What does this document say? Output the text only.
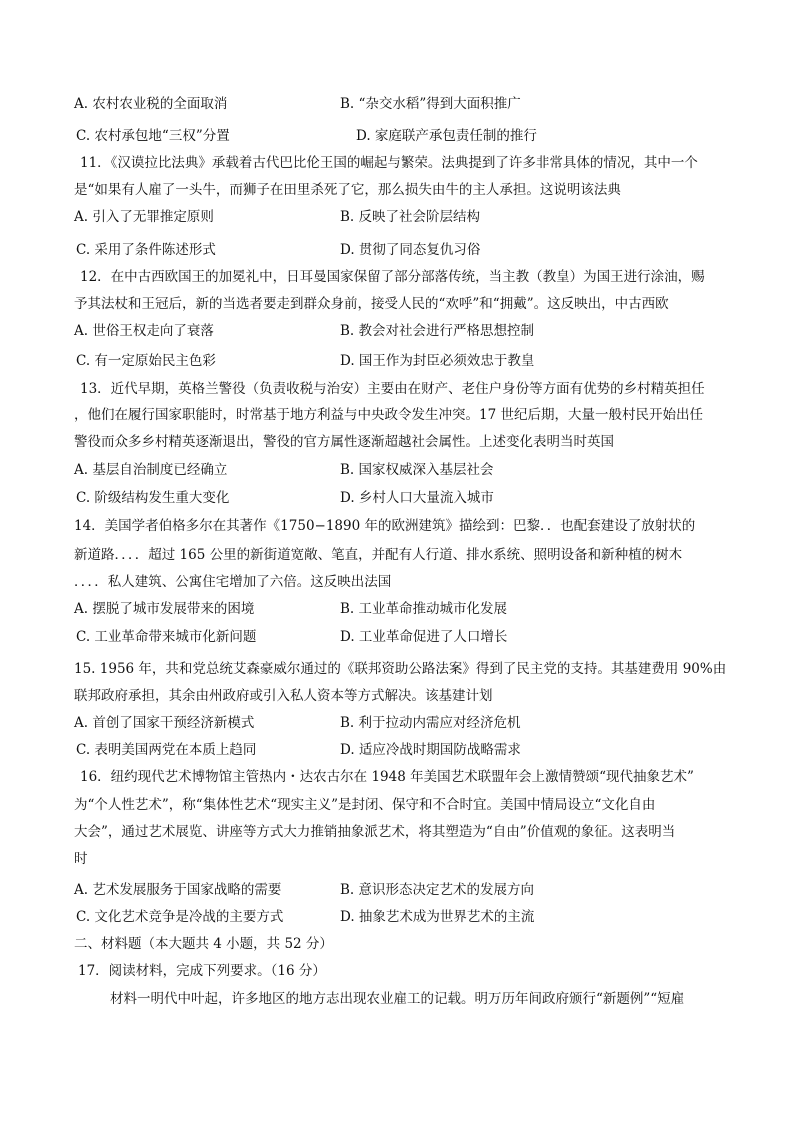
A. 农村农业税的全面取消	B. “杂交水稻”得到大面积推广
C. 农村承包地“三权”分置	D. 家庭联产承包责任制的推行
11．《汉谟拉比法典》承载着古代巴比伦王国的崛起与繁荣。法典提到了许多非常具体的情况，其中一个
是“如果有人雇了一头牛，而狮子在田里杀死了它，那么损失由牛的主人承担。这说明该法典
A. 引入了无罪推定原则	B. 反映了社会阶层结构
C. 采用了条件陈述形式	D. 贯彻了同态复仇习俗
12．在中古西欧国王的加冕礼中，日耳曼国家保留了部分部落传统，当主教（教皇）为国王进行涂油，赐
予其法杖和王冠后，新的当选者要走到群众身前，接受人民的“欢呼”和“拥戴”。这反映出，中古西欧
A. 世俗王权走向了衰落	B. 教会对社会进行严格思想控制
C. 有一定原始民主色彩	D. 国王作为封臣必须效忠于教皇
13．近代早期，英格兰警役（负责收税与治安）主要由在财产、老住户身份等方面有优势的乡村精英担任
，他们在履行国家职能时，时常基于地方利益与中央政令发生冲突。17 世纪后期，大量一般村民开始出任
警役而众多乡村精英逐渐退出，警役的官方属性逐渐超越社会属性。上述变化表明当时英国
A. 基层自治制度已经确立	B. 国家权威深入基层社会
C. 阶级结构发生重大变化	D. 乡村人口大量流入城市
14．美国学者伯格多尔在其著作《1750−1890 年的欧洲建筑》描绘到：巴黎．．也配套建设了放射状的
新道路．．．．超过 165 公里的新街道宽敞、笔直，并配有人行道、排水系统、照明设备和新种植的树木
．．．．私人建筑、公寓住宅增加了六倍。这反映出法国
A. 摆脱了城市发展带来的困境	B. 工业革命推动城市化发展
C. 工业革命带来城市化新问题	D. 工业革命促进了人口增长
15. 1956 年，共和党总统艾森豪威尔通过的《联邦资助公路法案》得到了民主党的支持。其基建费用 90%由
联邦政府承担，其余由州政府或引入私人资本等方式解决。该基建计划
A. 首创了国家干预经济新模式	B. 利于拉动内需应对经济危机
C. 表明美国两党在本质上趋同	D. 适应冷战时期国防战略需求
16．纽约现代艺术博物馆主管热内・达农古尔在 1948 年美国艺术联盟年会上激情赞颂“现代抽象艺术”
为“个人性艺术”，称“集体性艺术“现实主义”是封闭、保守和不合时宜。美国中情局设立“文化自由
大会”，通过艺术展览、讲座等方式大力推销抽象派艺术，将其塑造为“自由”价值观的象征。这表明当
时
A. 艺术发展服务于国家战略的需要	B. 意识形态决定艺术的发展方向
C. 文化艺术竞争是冷战的主要方式	D. 抽象艺术成为世界艺术的主流
二、材料题（本大题共 4 小题，共 52 分）
17．阅读材料，完成下列要求。（16 分）
材料一明代中叶起，许多地区的地方志出现农业雇工的记载。明万历年间政府颁行“新题例”“短雇
